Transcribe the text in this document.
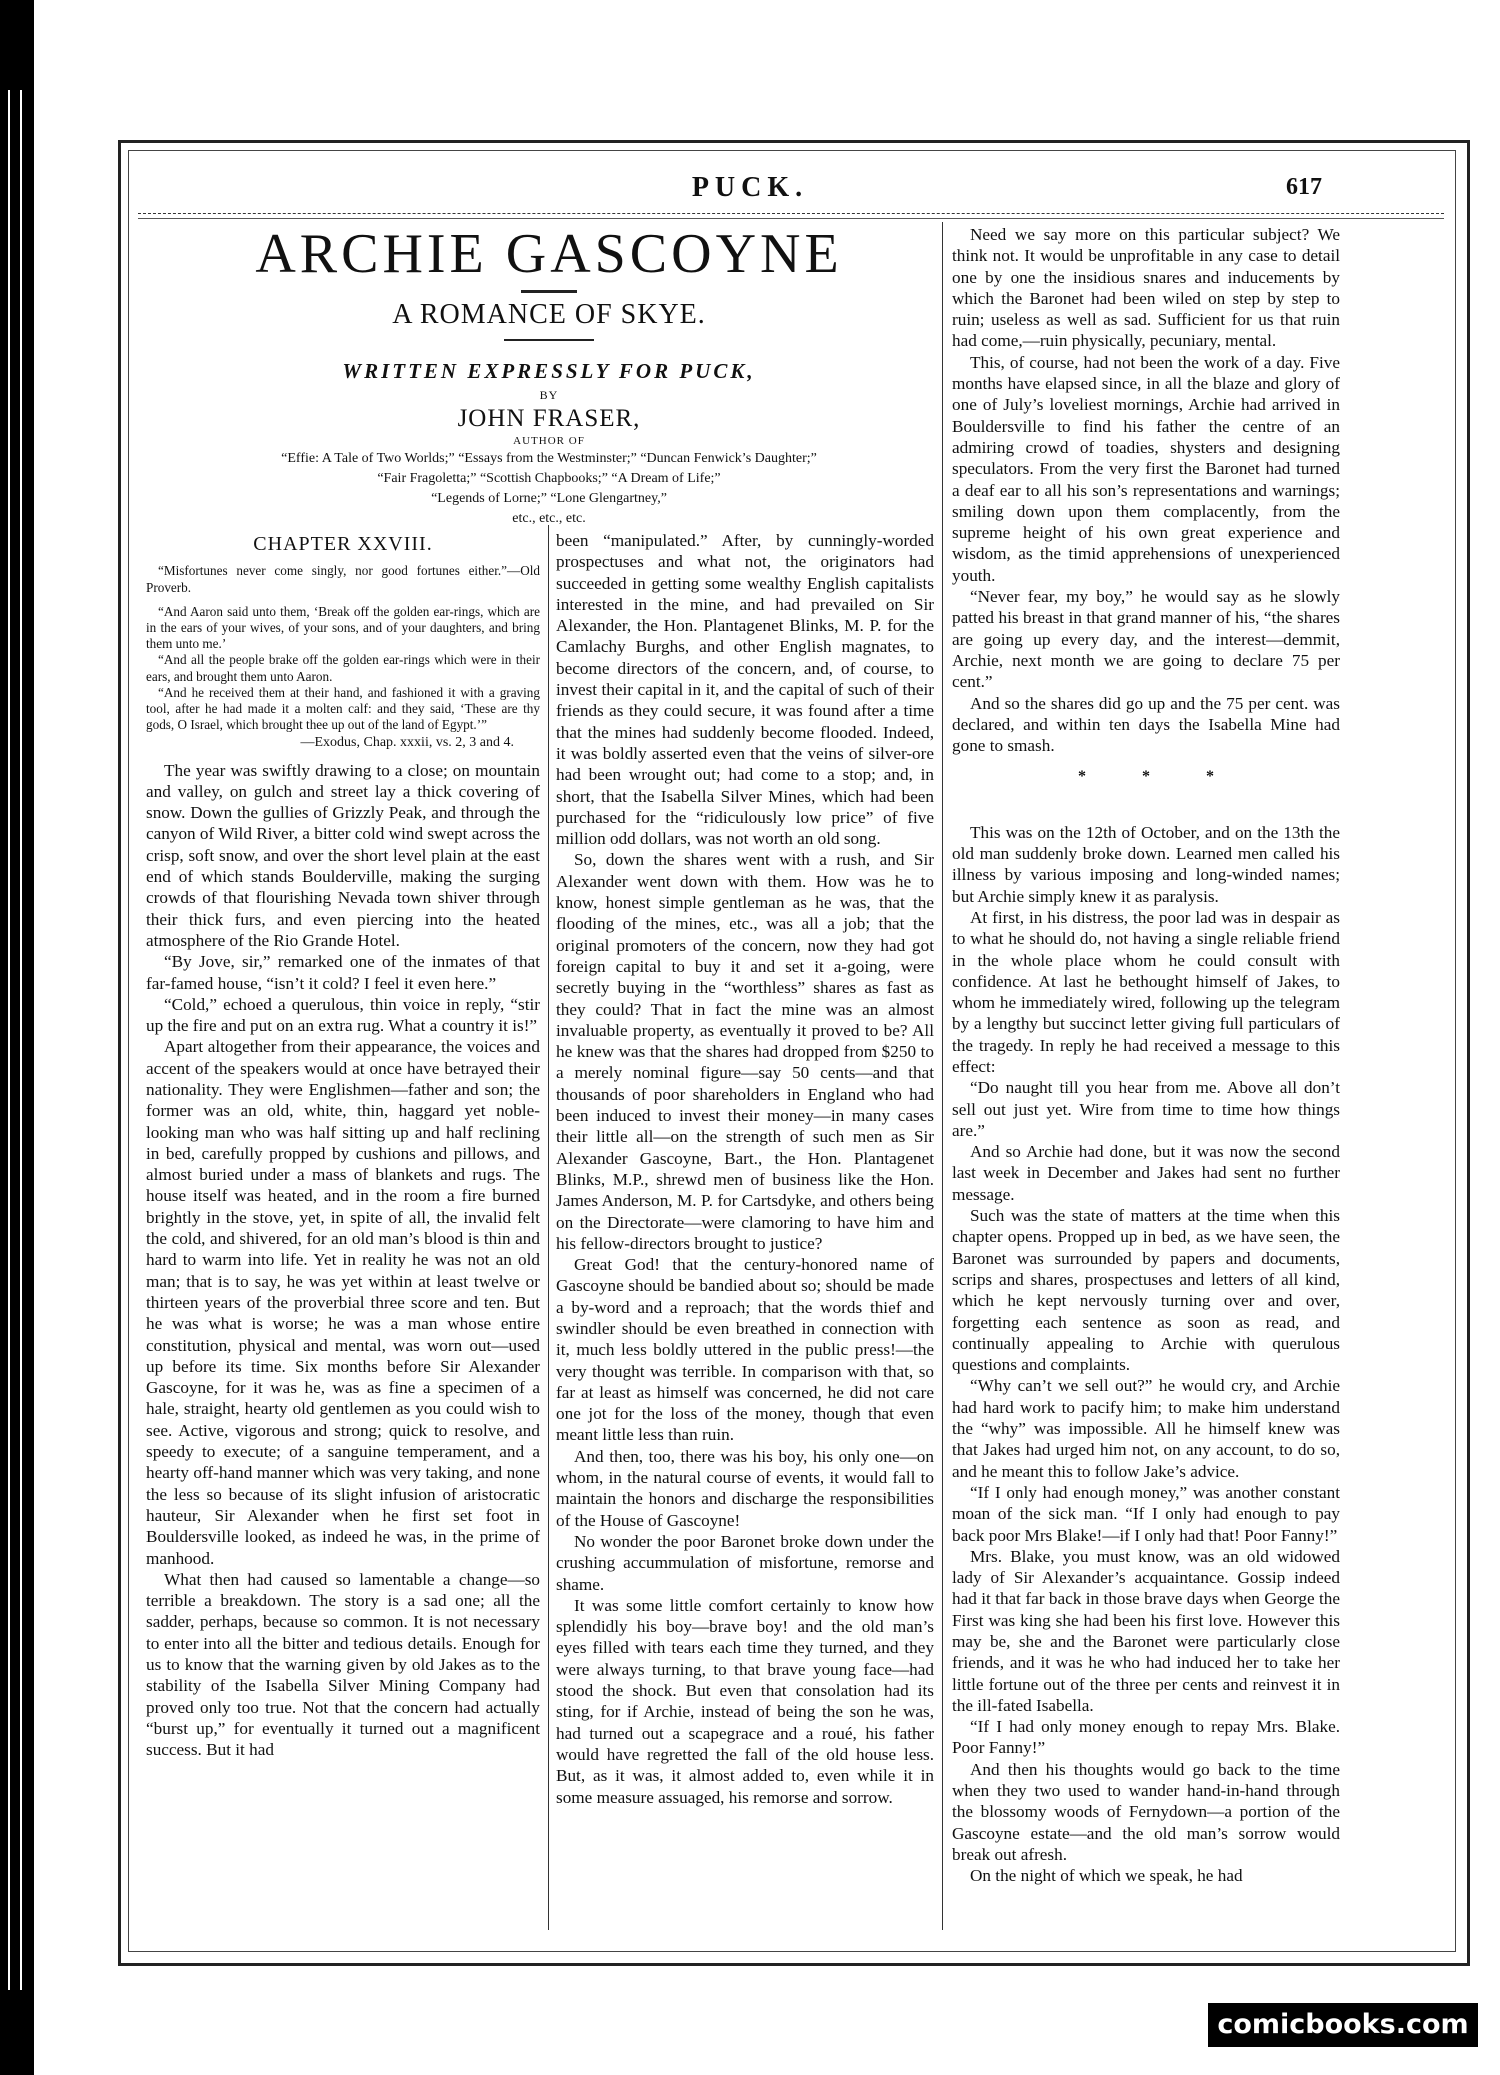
PUCK.	617
ARCHIE GASCOYNE
A ROMANCE OF SKYE.
WRITTEN EXPRESSLY FOR PUCK,
BY
JOHN FRASER,
AUTHOR OF
“Effie: A Tale of Two Worlds;” “Essays from the Westminster;” “Duncan Fenwick’s Daughter;”
“Fair Fragoletta;” “Scottish Chapbooks;” “A Dream of Life;”
“Legends of Lorne;” “Lone Glengartney,”
etc., etc., etc.
CHAPTER XXVIII.

“Misfortunes never come singly, nor good fortunes either.”—Old Proverb.

“And Aaron said unto them, ‘Break off the golden ear-rings, which are in the ears of your wives, of your sons, and of your daughters, and bring them unto me.’

“And all the people brake off the golden ear-rings which were in their ears, and brought them unto Aaron.

“And he received them at their hand, and fashioned it with a graving tool, after he had made it a molten calf: and they said, ‘These are thy gods, O Israel, which brought thee up out of the land of Egypt.’”

—Exodus, Chap. xxxii, vs. 2, 3 and 4.

The year was swiftly drawing to a close; on mountain and valley, on gulch and street lay a thick covering of snow. Down the gullies of Grizzly Peak, and through the canyon of Wild River, a bitter cold wind swept across the crisp, soft snow, and over the short level plain at the east end of which stands Boulderville, making the surging crowds of that flourishing Nevada town shiver through their thick furs, and even piercing into the heated atmosphere of the Rio Grande Hotel.

“By Jove, sir,” remarked one of the inmates of that far-famed house, “isn’t it cold? I feel it even here.”

“Cold,” echoed a querulous, thin voice in reply, “stir up the fire and put on an extra rug. What a country it is!”

Apart altogether from their appearance, the voices and accent of the speakers would at once have betrayed their nationality. They were Englishmen—father and son; the former was an old, white, thin, haggard yet noble-looking man who was half sitting up and half reclining in bed, carefully propped by cushions and pillows, and almost buried under a mass of blankets and rugs. The house itself was heated, and in the room a fire burned brightly in the stove, yet, in spite of all, the invalid felt the cold, and shivered, for an old man’s blood is thin and hard to warm into life. Yet in reality he was not an old man; that is to say, he was yet within at least twelve or thirteen years of the proverbial three score and ten. But he was what is worse; he was a man whose entire constitution, physical and mental, was worn out—used up before its time. Six months before Sir Alexander Gascoyne, for it was he, was as fine a specimen of a hale, straight, hearty old gentlemen as you could wish to see. Active, vigorous and strong; quick to resolve, and speedy to execute; of a sanguine temperament, and a hearty off-hand manner which was very taking, and none the less so because of its slight infusion of aristocratic hauteur, Sir Alexander when he first set foot in Bouldersville looked, as indeed he was, in the prime of manhood.

What then had caused so lamentable a change—so terrible a breakdown. The story is a sad one; all the sadder, perhaps, because so common. It is not necessary to enter into all the bitter and tedious details. Enough for us to know that the warning given by old Jakes as to the stability of the Isabella Silver Mining Company had proved only too true. Not that the concern had actually “burst up,” for eventually it turned out a magnificent success. But it had

been “manipulated.” After, by cunningly-worded prospectuses and what not, the originators had succeeded in getting some wealthy English capitalists interested in the mine, and had prevailed on Sir Alexander, the Hon. Plantagenet Blinks, M. P. for the Camlachy Burghs, and other English magnates, to become directors of the concern, and, of course, to invest their capital in it, and the capital of such of their friends as they could secure, it was found after a time that the mines had suddenly become flooded. Indeed, it was boldly asserted even that the veins of silver-ore had been wrought out; had come to a stop; and, in short, that the Isabella Silver Mines, which had been purchased for the “ridiculously low price” of five million odd dollars, was not worth an old song.

So, down the shares went with a rush, and Sir Alexander went down with them. How was he to know, honest simple gentleman as he was, that the flooding of the mines, etc., was all a job; that the original promoters of the concern, now they had got foreign capital to buy it and set it a-going, were secretly buying in the “worthless” shares as fast as they could? That in fact the mine was an almost invaluable property, as eventually it proved to be? All he knew was that the shares had dropped from $250 to a merely nominal figure—say 50 cents—and that thousands of poor shareholders in England who had been induced to invest their money—in many cases their little all—on the strength of such men as Sir Alexander Gascoyne, Bart., the Hon. Plantagenet Blinks, M.P., shrewd men of business like the Hon. James Anderson, M. P. for Cartsdyke, and others being on the Directorate—were clamoring to have him and his fellow-directors brought to justice?

Great God! that the century-honored name of Gascoyne should be bandied about so; should be made a by-word and a reproach; that the words thief and swindler should be even breathed in connection with it, much less boldly uttered in the public press!—the very thought was terrible. In comparison with that, so far at least as himself was concerned, he did not care one jot for the loss of the money, though that even meant little less than ruin.

And then, too, there was his boy, his only one—on whom, in the natural course of events, it would fall to maintain the honors and discharge the responsibilities of the House of Gascoyne!

No wonder the poor Baronet broke down under the crushing accummulation of misfortune, remorse and shame.

It was some little comfort certainly to know how splendidly his boy—brave boy! and the old man’s eyes filled with tears each time they turned, and they were always turning, to that brave young face—had stood the shock. But even that consolation had its sting, for if Archie, instead of being the son he was, had turned out a scapegrace and a roué, his father would have regretted the fall of the old house less. But, as it was, it almost added to, even while it in some measure assuaged, his remorse and sorrow.

Need we say more on this particular subject? We think not. It would be unprofitable in any case to detail one by one the insidious snares and inducements by which the Baronet had been wiled on step by step to ruin; useless as well as sad. Sufficient for us that ruin had come,—ruin physically, pecuniary, mental.

This, of course, had not been the work of a day. Five months have elapsed since, in all the blaze and glory of one of July’s loveliest mornings, Archie had arrived in Bouldersville to find his father the centre of an admiring crowd of toadies, shysters and designing speculators. From the very first the Baronet had turned a deaf ear to all his son’s representations and warnings; smiling down upon them complacently, from the supreme height of his own great experience and wisdom, as the timid apprehensions of unexperienced youth.

“Never fear, my boy,” he would say as he slowly patted his breast in that grand manner of his, “the shares are going up every day, and the interest—demmit, Archie, next month we are going to declare 75 per cent.”

And so the shares did go up and the 75 per cent. was declared, and within ten days the Isabella Mine had gone to smash.

*	*	*

This was on the 12th of October, and on the 13th the old man suddenly broke down. Learned men called his illness by various imposing and long-winded names; but Archie simply knew it as paralysis.

At first, in his distress, the poor lad was in despair as to what he should do, not having a single reliable friend in the whole place whom he could consult with confidence. At last he bethought himself of Jakes, to whom he immediately wired, following up the telegram by a lengthy but succinct letter giving full particulars of the tragedy. In reply he had received a message to this effect:

“Do naught till you hear from me. Above all don’t sell out just yet. Wire from time to time how things are.”

And so Archie had done, but it was now the second last week in December and Jakes had sent no further message.

Such was the state of matters at the time when this chapter opens. Propped up in bed, as we have seen, the Baronet was surrounded by papers and documents, scrips and shares, prospectuses and letters of all kind, which he kept nervously turning over and over, forgetting each sentence as soon as read, and continually appealing to Archie with querulous questions and complaints.

“Why can’t we sell out?” he would cry, and Archie had hard work to pacify him; to make him understand the “why” was impossible. All he himself knew was that Jakes had urged him not, on any account, to do so, and he meant this to follow Jake’s advice.

“If I only had enough money,” was another constant moan of the sick man. “If I only had enough to pay back poor Mrs Blake!—if I only had that! Poor Fanny!”

Mrs. Blake, you must know, was an old widowed lady of Sir Alexander’s acquaintance. Gossip indeed had it that far back in those brave days when George the First was king she had been his first love. However this may be, she and the Baronet were particularly close friends, and it was he who had induced her to take her little fortune out of the three per cents and reinvest it in the ill-fated Isabella.

“If I had only money enough to repay Mrs. Blake. Poor Fanny!”

And then his thoughts would go back to the time when they two used to wander hand-in-hand through the blossomy woods of Fernydown—a portion of the Gascoyne estate—and the old man’s sorrow would break out afresh.

On the night of which we speak, he had

comicbooks.com
